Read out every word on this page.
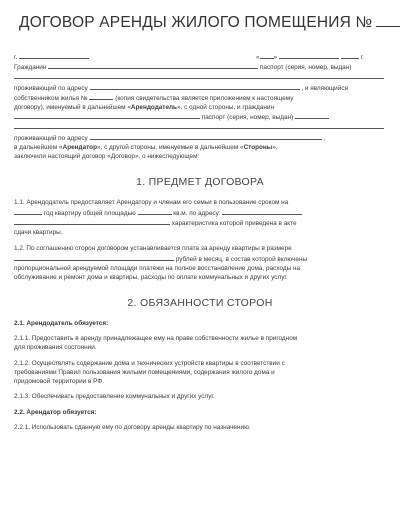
ДОГОВОР АРЕНДЫ ЖИЛОГО ПОМЕЩЕНИЯ №
г.	« »	г.
Гражданин	паспорт (серия, номер, выдан)
проживающий по адресу	, и являющийся
собственником жилья №	(копия свидетельства является приложением к настоящему
договору), именуемый в дальнейшем «Арендодатель», с одной стороны, и гражданин
паспорт (серия, номер, выдан)
проживающий по адресу	,
в дальнейшем «Арендатор», с другой стороны, именуемые в дальнейшем «Стороны»,
заключили настоящий договор «Договор», о нижеследующем:
1. ПРЕДМЕТ ДОГОВОРА
1.1. Арендодатель предоставляет Арендатору и членам его семьи в пользование сроком на
год квартиру общей площадью	кв.м. по адресу:
характеристика которой приведена в акте
сдачи квартиры.
1.2. По соглашению сторон договором устанавливается плата за аренду квартиры в размере
рублей в месяц, в состав которой включены
пропорциональной арендуемой площади платежи на полное восстановление дома, расходы на
обслуживание и ремонт дома и квартиры, расходы по оплате коммунальных и других услуг.
2. ОБЯЗАННОСТИ СТОРОН
2.1. Арендодатель обязуется:
2.1.1. Предоставить в аренду принадлежащее ему на праве собственности жилье в пригодном
для проживания состоянии.
2.1.2. Осуществлять содержание дома и технических устройств квартиры в соответствии с
требованиями Правил пользования жилыми помещениями, содержания жилого дома и
придомовой территории в РФ.
2.1.3. Обеспечивать предоставление коммунальных и других услуг.
2.2. Арендатор обязуется:
2.2.1. Использовать сданную ему по договору аренды квартиру по назначению.
